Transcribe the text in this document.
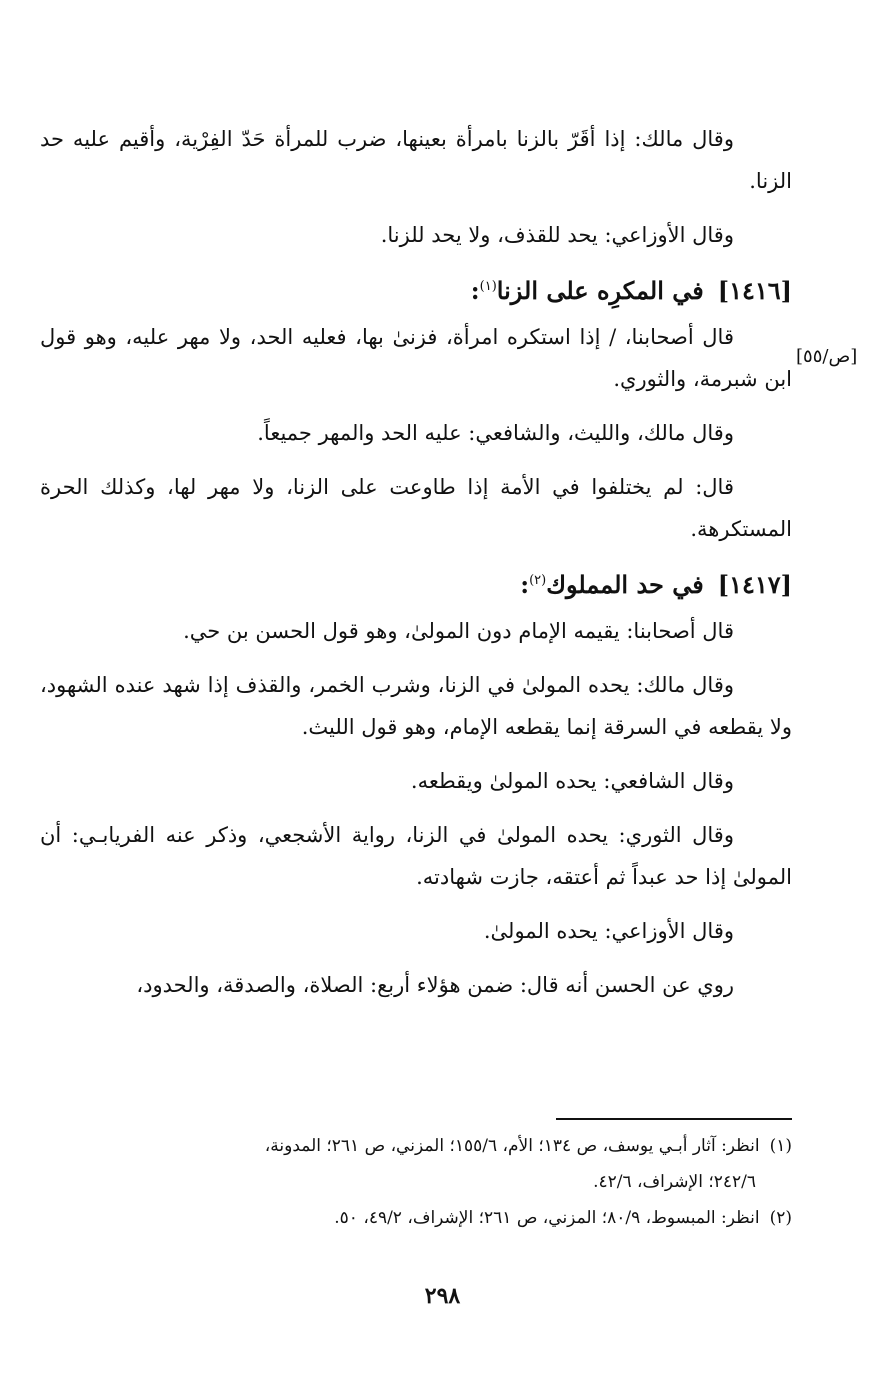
وقال مالك: إذا أقَرّ بالزنا بامرأة بعينها، ضرب للمرأة حَدّ الفِرْية، وأقيم عليه حد الزنا.

وقال الأوزاعي: يحد للقذف، ولا يحد للزنا.

[١٤١٦]في المكرِه على الزنا$^{(١)}$:

قال أصحابنا، / إذا استكره امرأة، فزنىٰ بها، فعليه الحد، ولا مهر عليه، وهو قول ابن شبرمة، والثوري.

وقال مالك، والليث، والشافعي: عليه الحد والمهر جميعاً.

قال: لم يختلفوا في الأمة إذا طاوعت على الزنا، ولا مهر لها، وكذلك الحرة المستكرهة.

[١٤١٧]في حد المملوك$^{(٢)}$:

قال أصحابنا: يقيمه الإمام دون المولىٰ، وهو قول الحسن بن حي.

وقال مالك: يحده المولىٰ في الزنا، وشرب الخمر، والقذف إذا شهد عنده الشهود، ولا يقطعه في السرقة إنما يقطعه الإمام، وهو قول الليث.

وقال الشافعي: يحده المولىٰ ويقطعه.

وقال الثوري: يحده المولىٰ في الزنا، رواية الأشجعي، وذكر عنه الفريابـي: أن المولىٰ إذا حد عبداً ثم أعتقه، جازت شهادته.

وقال الأوزاعي: يحده المولىٰ.

روي عن الحسن أنه قال: ضمن هؤلاء أربع: الصلاة، والصدقة، والحدود،

[ص/٥٥]

(١)انظر: آثار أبـي يوسف، ص ١٣٤؛ الأم، ١٥٥/٦؛ المزني، ص ٢٦١؛ المدونة،

٢٤٢/٦؛ الإشراف، ٤٢/٦.

(٢)انظر: المبسوط، ٨٠/٩؛ المزني، ص ٢٦١؛ الإشراف، ٤٩/٢، ٥٠.

٢٩٨
